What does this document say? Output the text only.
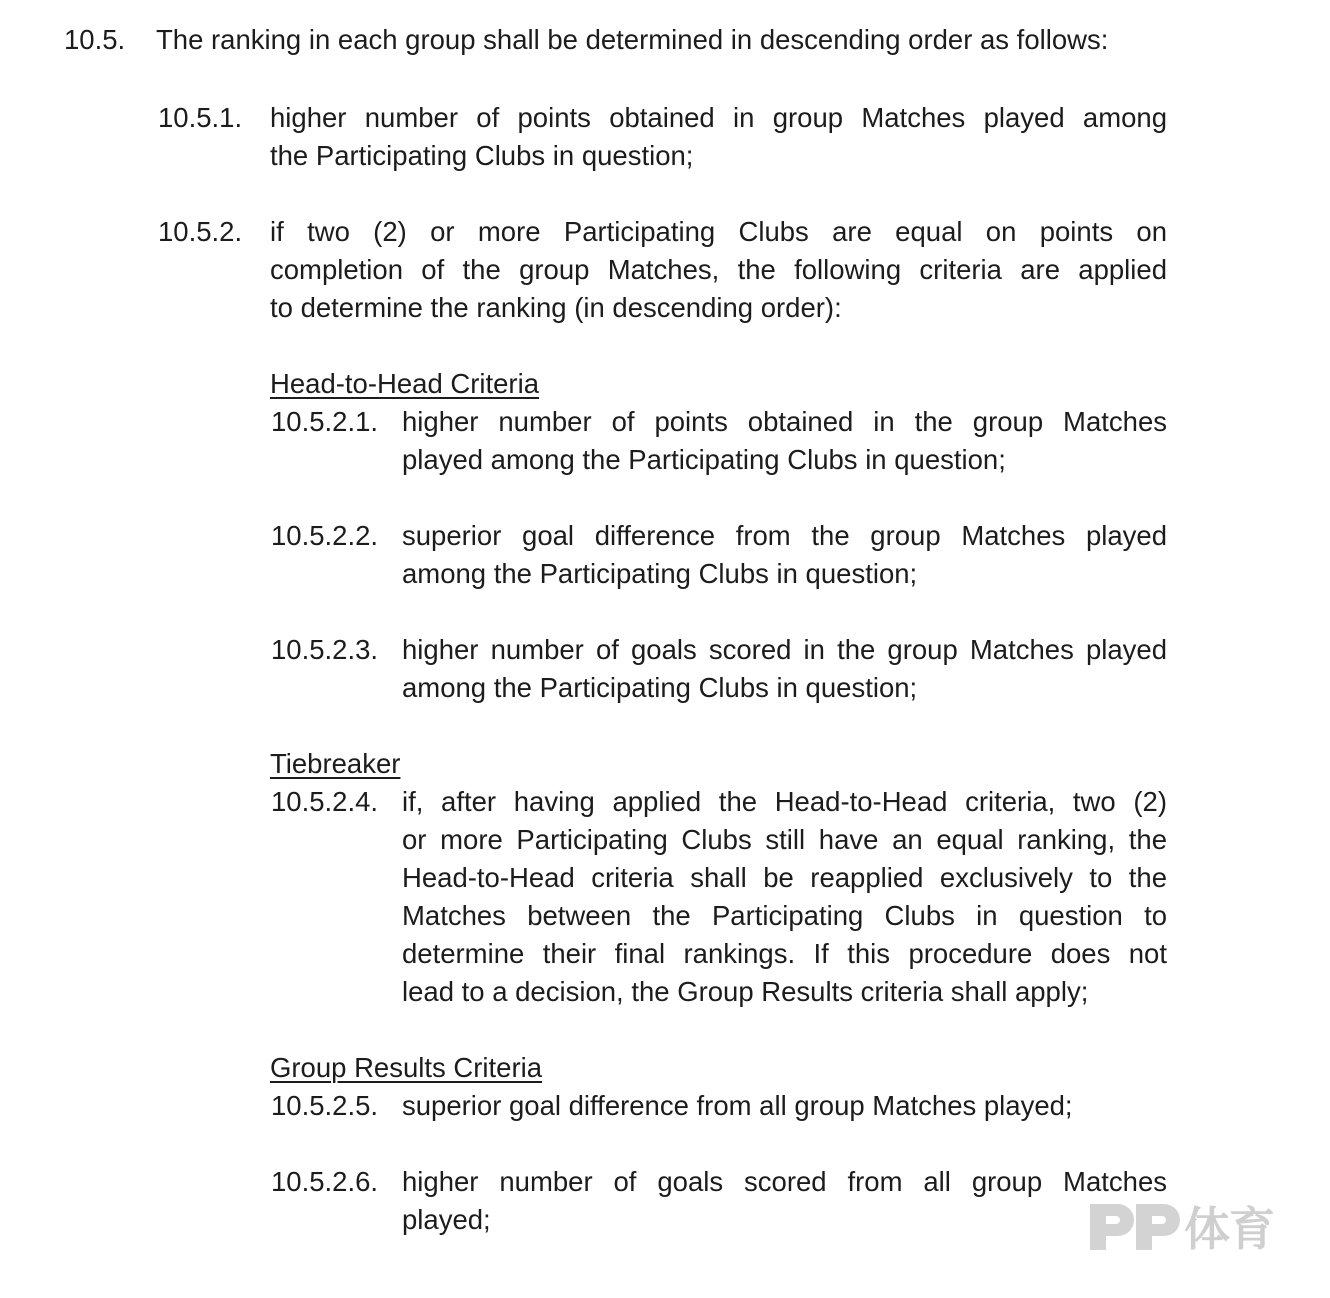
10.5. The ranking in each group shall be determined in descending order as follows:
10.5.1. higher number of points obtained in group Matches played among
the Participating Clubs in question;
10.5.2. if two (2) or more Participating Clubs are equal on points on
completion of the group Matches, the following criteria are applied
to determine the ranking (in descending order):
Head-to-Head Criteria
10.5.2.1. higher number of points obtained in the group Matches
played among the Participating Clubs in question;
10.5.2.2. superior goal difference from the group Matches played
among the Participating Clubs in question;
10.5.2.3. higher number of goals scored in the group Matches played
among the Participating Clubs in question;
Tiebreaker
10.5.2.4. if, after having applied the Head-to-Head criteria, two (2)
or more Participating Clubs still have an equal ranking, the
Head-to-Head criteria shall be reapplied exclusively to the
Matches between the Participating Clubs in question to
determine their final rankings. If this procedure does not
lead to a decision, the Group Results criteria shall apply;
Group Results Criteria
10.5.2.5. superior goal difference from all group Matches played;
10.5.2.6. higher number of goals scored from all group Matches
played;	体育
